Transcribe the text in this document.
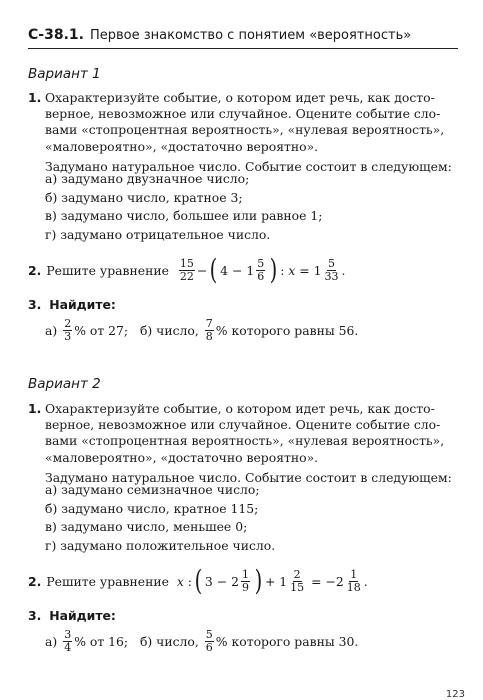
С-38.1. Первое знакомство с понятием «вероятность»
Вариант 1
1. Охарактеризуйте событие, о котором идет речь, как досто-
верное, невозможное или случайное. Оцените событие сло-
вами «стопроцентная вероятность», «нулевая вероятность»,
«маловероятно», «достаточно вероятно».
Задумано натуральное число. Событие состоит в следующем:
а) задумано двузначное число;
б) задумано число, кратное 3;
в) задумано число, большее или равное 1;
г) задумано отрицательное число.
2. Решите уравнение
$\frac{15}{22}$ − ( 4
−
$1 \frac{5}{6}$ ) :
x
=
$1 \frac{5}{33}$ .
3. Найдите:
а)
$\frac{2}{3}$ % от 27;
б) число,
$\frac{7}{8}$ % которого равны 56.
Вариант 2
1. Охарактеризуйте событие, о котором идет речь, как досто-
верное, невозможное или случайное. Оцените событие сло-
вами «стопроцентная вероятность», «нулевая вероятность»,
«маловероятно», «достаточно вероятно».
Задумано натуральное число. Событие состоит в следующем:
а) задумано семизначное число;
б) задумано число, кратное 115;
в) задумано число, меньшее 0;
г) задумано положительное число.
2. Решите уравнение
x
: ( 3
−
$2 \frac{1}{9}$ ) +
$1 \frac{2}{15}$
=
$-2 \frac{1}{18}$ .
3. Найдите:
а)
$\frac{3}{4}$ % от 16;
б) число,
$\frac{5}{6}$ % которого равны 30.
123
